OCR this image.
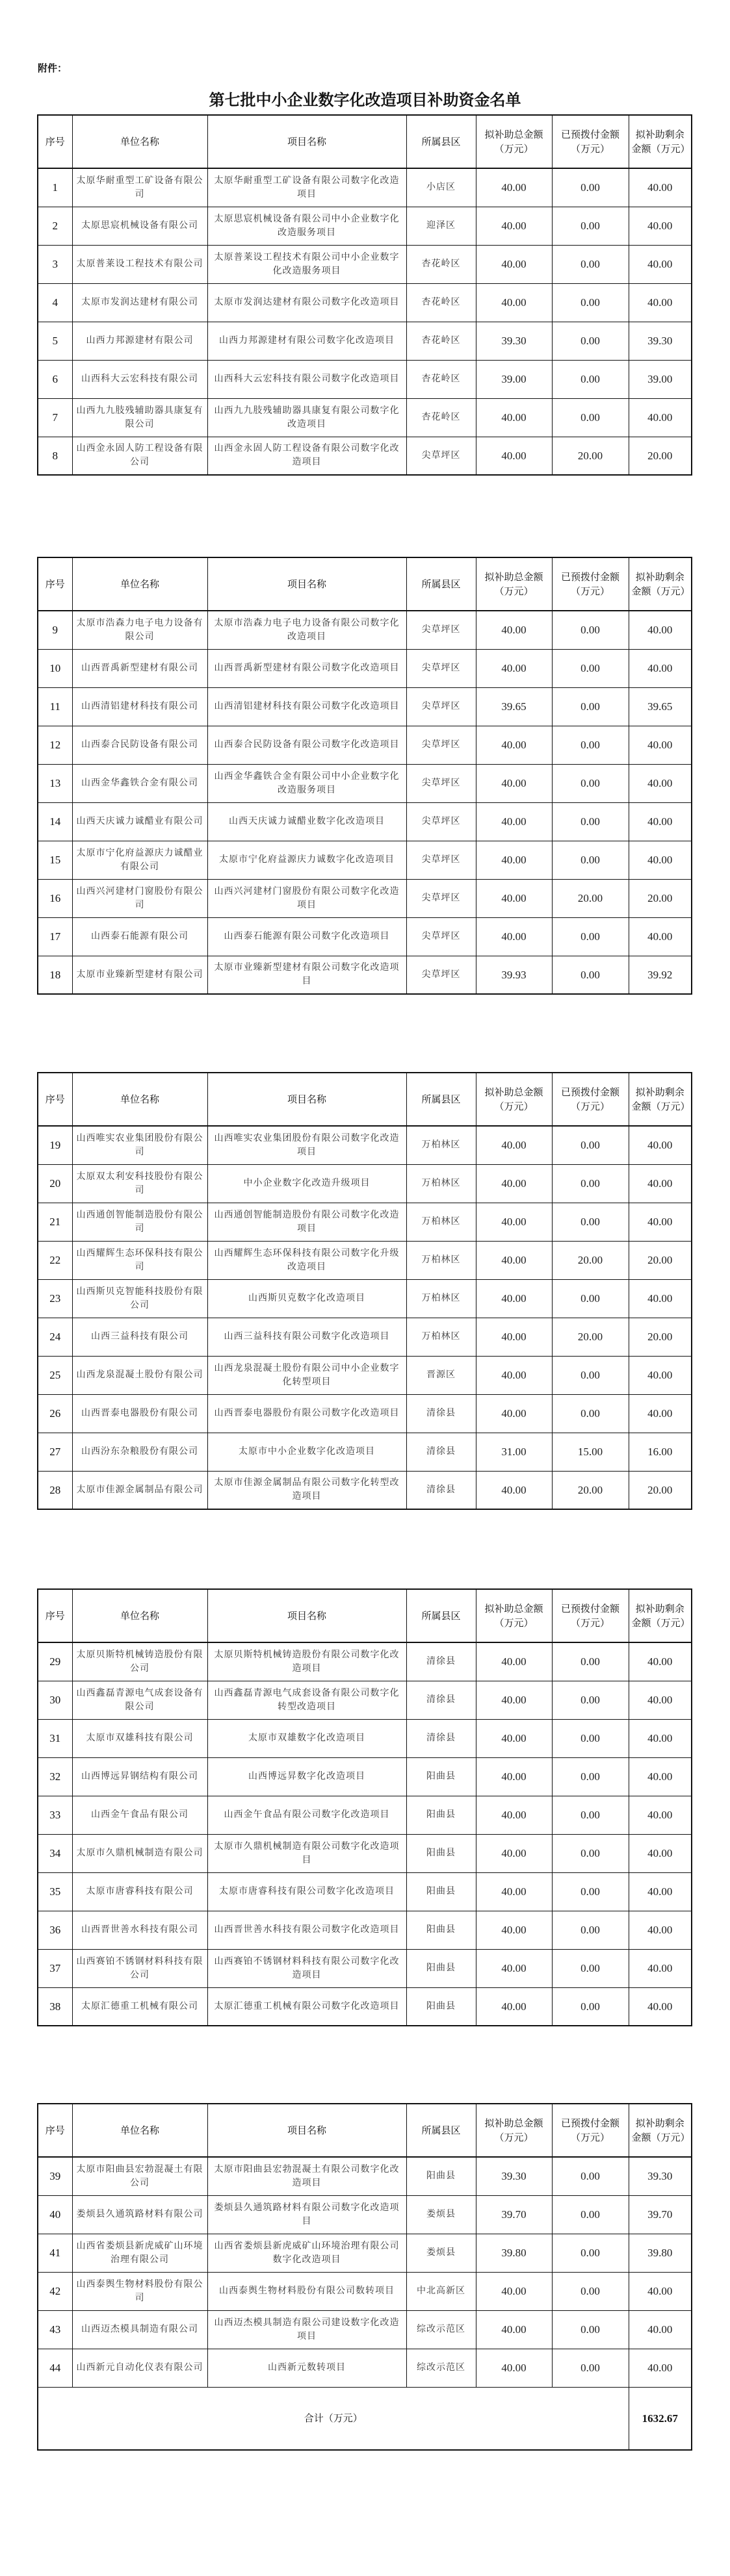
附件：
第七批中小企业数字化改造项目补助资金名单
序号	单位名称	项目名称	所属县区	拟补助总金额（万元）	已预拨付金额（万元）	拟补助剩余金额（万元）
1	太原华耐重型工矿设备有限公司	太原华耐重型工矿设备有限公司数字化改造项目	小店区	40.00	0.00	40.00
2	太原思宸机械设备有限公司	太原思宸机械设备有限公司中小企业数字化改造服务项目	迎泽区	40.00	0.00	40.00
3	太原普莱设工程技术有限公司	太原普莱设工程技术有限公司中小企业数字化改造服务项目	杏花岭区	40.00	0.00	40.00
4	太原市发润达建材有限公司	太原市发润达建材有限公司数字化改造项目	杏花岭区	40.00	0.00	40.00
5	山西力邦源建材有限公司	山西力邦源建材有限公司数字化改造项目	杏花岭区	39.30	0.00	39.30
6	山西科大云宏科技有限公司	山西科大云宏科技有限公司数字化改造项目	杏花岭区	39.00	0.00	39.00
7	山西九九肢残辅助器具康复有限公司	山西九九肢残辅助器具康复有限公司数字化改造项目	杏花岭区	40.00	0.00	40.00
8	山西金永固人防工程设备有限公司	山西金永固人防工程设备有限公司数字化改造项目	尖草坪区	40.00	20.00	20.00
序号	单位名称	项目名称	所属县区	拟补助总金额（万元）	已预拨付金额（万元）	拟补助剩余金额（万元）
9	太原市浩森力电子电力设备有限公司	太原市浩森力电子电力设备有限公司数字化改造项目	尖草坪区	40.00	0.00	40.00
10	山西晋禹新型建材有限公司	山西晋禹新型建材有限公司数字化改造项目	尖草坪区	40.00	0.00	40.00
11	山西清铝建材科技有限公司	山西清铝建材科技有限公司数字化改造项目	尖草坪区	39.65	0.00	39.65
12	山西泰合民防设备有限公司	山西泰合民防设备有限公司数字化改造项目	尖草坪区	40.00	0.00	40.00
13	山西金华鑫铁合金有限公司	山西金华鑫铁合金有限公司中小企业数字化改造服务项目	尖草坪区	40.00	0.00	40.00
14	山西天庆诚力诚醋业有限公司	山西天庆诚力诚醋业数字化改造项目	尖草坪区	40.00	0.00	40.00
15	太原市宁化府益源庆力诚醋业有限公司	太原市宁化府益源庆力诚数字化改造项目	尖草坪区	40.00	0.00	40.00
16	山西兴河建材门窗股份有限公司	山西兴河建材门窗股份有限公司数字化改造项目	尖草坪区	40.00	20.00	20.00
17	山西泰石能源有限公司	山西泰石能源有限公司数字化改造项目	尖草坪区	40.00	0.00	40.00
18	太原市业臻新型建材有限公司	太原市业臻新型建材有限公司数字化改造项目	尖草坪区	39.93	0.00	39.92
序号	单位名称	项目名称	所属县区	拟补助总金额（万元）	已预拨付金额（万元）	拟补助剩余金额（万元）
19	山西唯实农业集团股份有限公司	山西唯实农业集团股份有限公司数字化改造项目	万柏林区	40.00	0.00	40.00
20	太原双太利安科技股份有限公司	中小企业数字化改造升级项目	万柏林区	40.00	0.00	40.00
21	山西通创智能制造股份有限公司	山西通创智能制造股份有限公司数字化改造项目	万柏林区	40.00	0.00	40.00
22	山西耀辉生态环保科技有限公司	山西耀辉生态环保科技有限公司数字化升级改造项目	万柏林区	40.00	20.00	20.00
23	山西斯贝克智能科技股份有限公司	山西斯贝克数字化改造项目	万柏林区	40.00	0.00	40.00
24	山西三益科技有限公司	山西三益科技有限公司数字化改造项目	万柏林区	40.00	20.00	20.00
25	山西龙泉混凝土股份有限公司	山西龙泉混凝土股份有限公司中小企业数字化转型项目	晋源区	40.00	0.00	40.00
26	山西晋泰电器股份有限公司	山西晋泰电器股份有限公司数字化改造项目	清徐县	40.00	0.00	40.00
27	山西汾东杂粮股份有限公司	太原市中小企业数字化改造项目	清徐县	31.00	15.00	16.00
28	太原市佳源金属制品有限公司	太原市佳源金属制品有限公司数字化转型改造项目	清徐县	40.00	20.00	20.00
序号	单位名称	项目名称	所属县区	拟补助总金额（万元）	已预拨付金额（万元）	拟补助剩余金额（万元）
29	太原贝斯特机械铸造股份有限公司	太原贝斯特机械铸造股份有限公司数字化改造项目	清徐县	40.00	0.00	40.00
30	山西鑫磊青源电气成套设备有限公司	山西鑫磊青源电气成套设备有限公司数字化转型改造项目	清徐县	40.00	0.00	40.00
31	太原市双雄科技有限公司	太原市双雄数字化改造项目	清徐县	40.00	0.00	40.00
32	山西博远昇钢结构有限公司	山西博远昇数字化改造项目	阳曲县	40.00	0.00	40.00
33	山西金午食品有限公司	山西金午食品有限公司数字化改造项目	阳曲县	40.00	0.00	40.00
34	太原市久鼎机械制造有限公司	太原市久鼎机械制造有限公司数字化改造项目	阳曲县	40.00	0.00	40.00
35	太原市唐睿科技有限公司	太原市唐睿科技有限公司数字化改造项目	阳曲县	40.00	0.00	40.00
36	山西晋世善水科技有限公司	山西晋世善水科技有限公司数字化改造项目	阳曲县	40.00	0.00	40.00
37	山西赛铂不锈钢材料科技有限公司	山西赛铂不锈钢材料科技有限公司数字化改造项目	阳曲县	40.00	0.00	40.00
38	太原汇德重工机械有限公司	太原汇德重工机械有限公司数字化改造项目	阳曲县	40.00	0.00	40.00
序号	单位名称	项目名称	所属县区	拟补助总金额（万元）	已预拨付金额（万元）	拟补助剩余金额（万元）
39	太原市阳曲县宏勃混凝土有限公司	太原市阳曲县宏勃混凝土有限公司数字化改造项目	阳曲县	39.30	0.00	39.30
40	娄烦县久通筑路材料有限公司	娄烦县久通筑路材料有限公司数字化改造项目	娄烦县	39.70	0.00	39.70
41	山西省娄烦县新虎威矿山环境治理有限公司	山西省娄烦县新虎威矿山环境治理有限公司数字化改造项目	娄烦县	39.80	0.00	39.80
42	山西泰舆生物材料股份有限公司	山西泰舆生物材料股份有限公司数转项目	中北高新区	40.00	0.00	40.00
43	山西迈杰模具制造有限公司	山西迈杰模具制造有限公司建设数字化改造项目	综改示范区	40.00	0.00	40.00
44	山西新元自动化仪表有限公司	山西新元数转项目	综改示范区	40.00	0.00	40.00
合计（万元）						1632.67
